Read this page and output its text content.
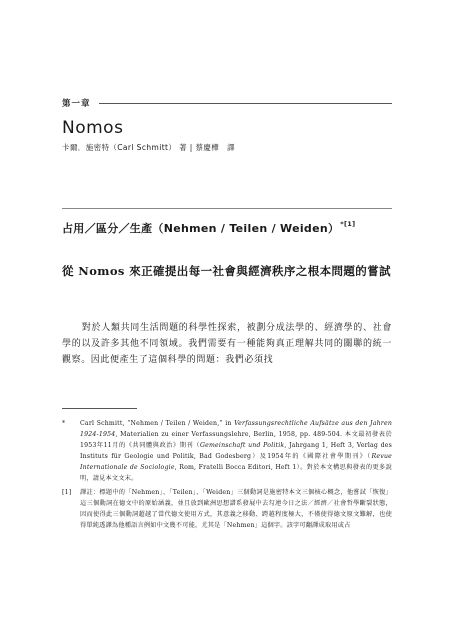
第一章
Nomos
卡爾．施密特（Carl Schmitt） 著 | 蔡慶樺　譯
占用／區分／生產（Nehmen / Teilen / Weiden）$^{*[1]}$
從 Nomos 來正確提出每一社會與經濟秩序之根本問題的嘗試

對於人類共同生活問題的科學性探索，被劃分成法學的、經濟學的、社會學的以及許多其他不同領域。我們需要有一種能夠真正理解共同的關聯的統一觀察。因此便產生了這個科學的問題：我們必須找

* Carl Schmitt, “Nehmen / Teilen / Weiden,” in Verfassungsrechtliche Aufsätze aus den Jahren 1924-1954, Materialien zu einer Verfassungslehre, Berlin, 1958, pp. 489-504. 本文最初發表於1953年11月的《共同體與政治》期刊（Gemeinschaft und Politik, Jahrgang 1, Heft 3, Verlag des Instituts für Geologie und Politik, Bad Godesberg）及1954年的《國際社會學期刊》（Revue Internationale de Sociologie, Rom, Fratelli Bocca Editori, Heft 1）。對於本文構思與發表的更多說明，請見本文文末。
[1] 譯註：標題中的「Nehmen」、「Teilen」、「Weiden」三個動詞是施密特本文三個核心概念，他嘗試「恢復」這三個動詞在德文中的原始涵義，並且放到歐洲思想譜系發展中去勾連今日之法／經濟／社會哲學斷裂狀態，因而使得此三個動詞超越了當代德文使用方式，其意義之移動、跨越程度極大，不僅使得德文原文難解，也使得單純透譯為他種語言例如中文幾不可能，尤其是「Nehmen」這個字。該字可翻譯成取用或占
